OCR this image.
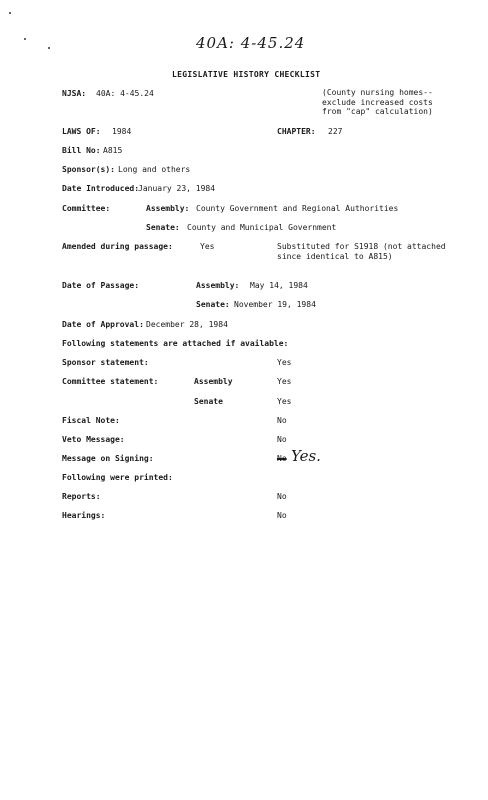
40A: 4-45.24
LEGISLATIVE HISTORY CHECKLIST
NJSA: 40A: 4-45.24	(County nursing homes--
exclude increased costs
from "cap" calculation)
LAWS OF: 1984	CHAPTER: 227
Bill No: A815
Sponsor(s): Long and others
Date Introduced:
January 23, 1984
Committee:	Assembly: County Government and Regional Authorities
Senate: County and Municipal Government
Amended during passage:	Yes	Substituted for S1918 (not attached
since identical to A815)
Date of Passage:	Assembly: May 14, 1984
Senate: November 19, 1984
Date of Approval: December 28, 1984
Following statements are attached if available:
Sponsor statement:	Yes
Committee statement:	Assembly	Yes
Senate	Yes
Fiscal Note:	No
Veto Message:	No
Message on Signing:	No Yes.
Following were printed:
Reports:	No
Hearings:	No
